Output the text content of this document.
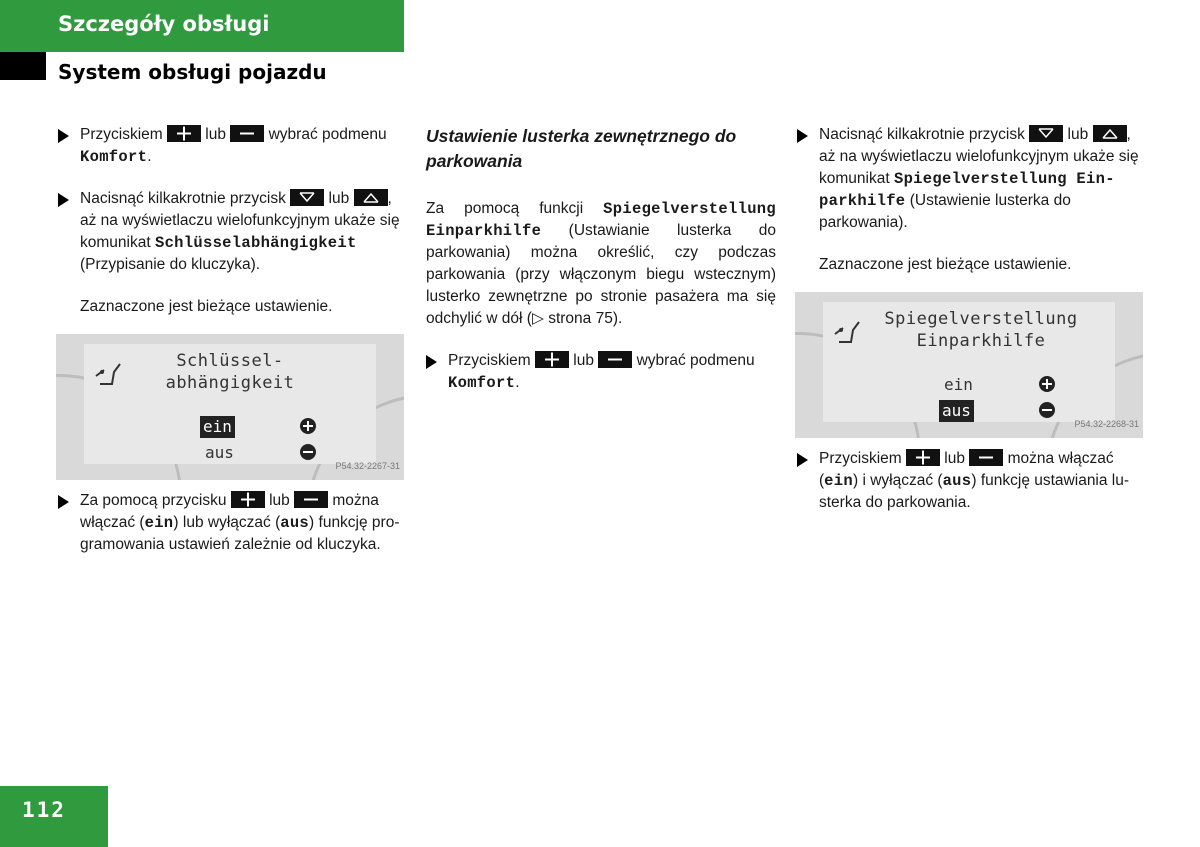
Szczegóły obsługi
System obsługi pojazdu
Przyciskiem	lub	wybrać podmenu
Komfort.
Nacisnąć kilkakrotnie przycisk	lub ,
aż na wyświetlaczu wielofunkcyjnym ukaże się
komunikat Schlüsselabhängigkeit
(Przypisanie do kluczyka).
Zaznaczone jest bieżące ustawienie.
Schlüssel-
abhängigkeit
ein
aus
P54.32-2267-31
Za pomocą przycisku	lub	można
włączać (ein) lub wyłączać (aus) funkcję pro-
gramowania ustawień zależnie od kluczyka.
Ustawienie lusterka zewnętrznego do parkowania
Za pomocą funkcji Spiegelverstellung Einparkhilfe (Ustawianie lusterka do parkowania) można określić, czy podczas parkowania (przy włączonym biegu wstecznym) lusterko zewnętrzne po stronie pasażera ma się odchylić w dół (▷ strona 75).
Przyciskiem	lub	wybrać podmenu
Komfort.
Nacisnąć kilkakrotnie przycisk	lub ,
aż na wyświetlaczu wielofunkcyjnym ukaże się
komunikat Spiegelverstellung Ein-
parkhilfe (Ustawienie lusterka do
parkowania).
Zaznaczone jest bieżące ustawienie.
Spiegelverstellung
Einparkhilfe
ein
aus
P54.32-2268-31
Przyciskiem	lub	można włączać
(ein) i wyłączać (aus) funkcję ustawiania lu-
sterka do parkowania.
112
